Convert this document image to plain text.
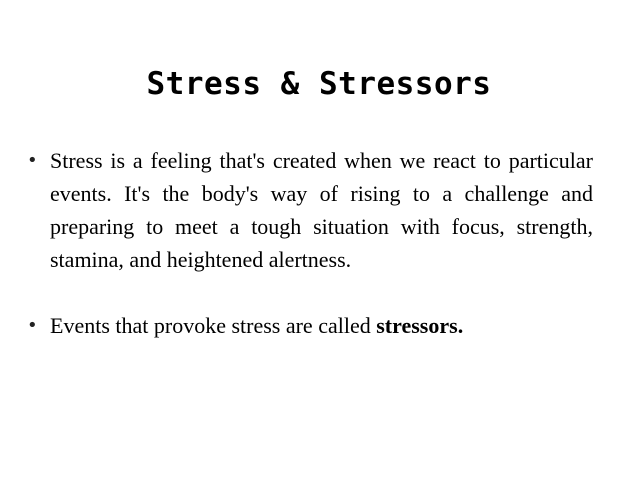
Stress & Stressors
• Stress is a feeling that's created when we react to particular events. It's the body's way of rising to a challenge and preparing to meet a tough situation with focus, strength, stamina, and heightened alertness.
• Events that provoke stress are called stressors.
